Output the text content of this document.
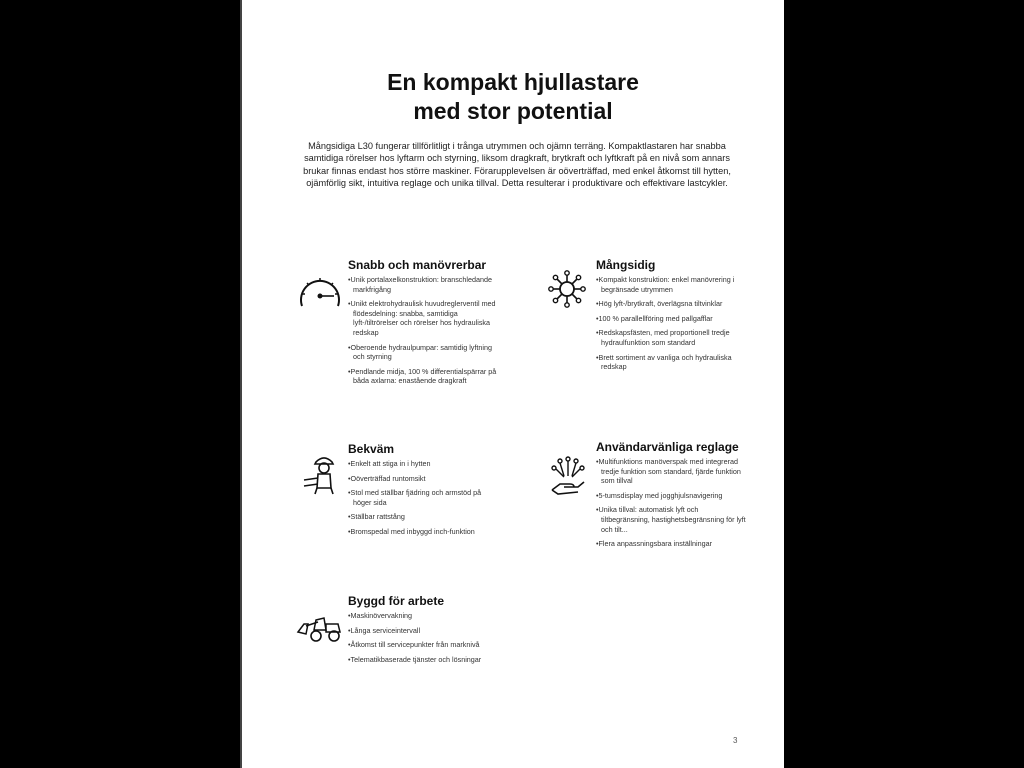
En kompakt hjullastare
med stor potential

Mångsidiga L30 fungerar tillförlitligt i trånga utrymmen och ojämn terräng. Kompaktlastaren har snabba samtidiga rörelser hos lyftarm och styrning, liksom dragkraft, brytkraft och lyftkraft på en nivå som annars brukar finnas endast hos större maskiner. Förarupplevelsen är oöverträffad, med enkel åtkomst till hytten, ojämförlig sikt, intuitiva reglage och unika tillval. Detta resulterar i produktivare och effektivare lastcykler.

Snabb och manövrerbar
• Unik portalaxelkonstruktion: branschledande markfrigång
• Unikt elektrohydraulisk huvudreglerventil med flödesdelning: snabba, samtidiga lyft-/tiltrörelser och rörelser hos hydrauliska redskap
• Oberoende hydraulpumpar: samtidig lyftning och styrning
• Pendlande midja, 100 % differentialspärrar på båda axlarna: enastående dragkraft
Mångsidig
• Kompakt konstruktion: enkel manövrering i begränsade utrymmen
• Hög lyft-/brytkraft, överlägsna tiltvinklar
• 100 % parallellföring med pallgafflar
• Redskapsfästen, med proportionell tredje hydraulfunktion som standard
• Brett sortiment av vanliga och hydrauliska redskap
Bekväm
• Enkelt att stiga in i hytten
• Oöverträffad runtomsikt
• Stol med ställbar fjädring och armstöd på höger sida
• Ställbar rattstång
• Bromspedal med inbyggd inch-funktion
Användarvänliga reglage
• Multifunktions manöverspak med integrerad tredje funktion som standard, fjärde funktion som tillval
• 5-tumsdisplay med jogghjulsnavigering
• Unika tillval: automatisk lyft och tiltbegränsning, hastighetsbegränsning för lyft och tilt...
• Flera anpassningsbara inställningar
Byggd för arbete
• Maskinövervakning
• Långa serviceintervall
• Åtkomst till servicepunkter från marknivå
• Telematikbaserade tjänster och lösningar
3
